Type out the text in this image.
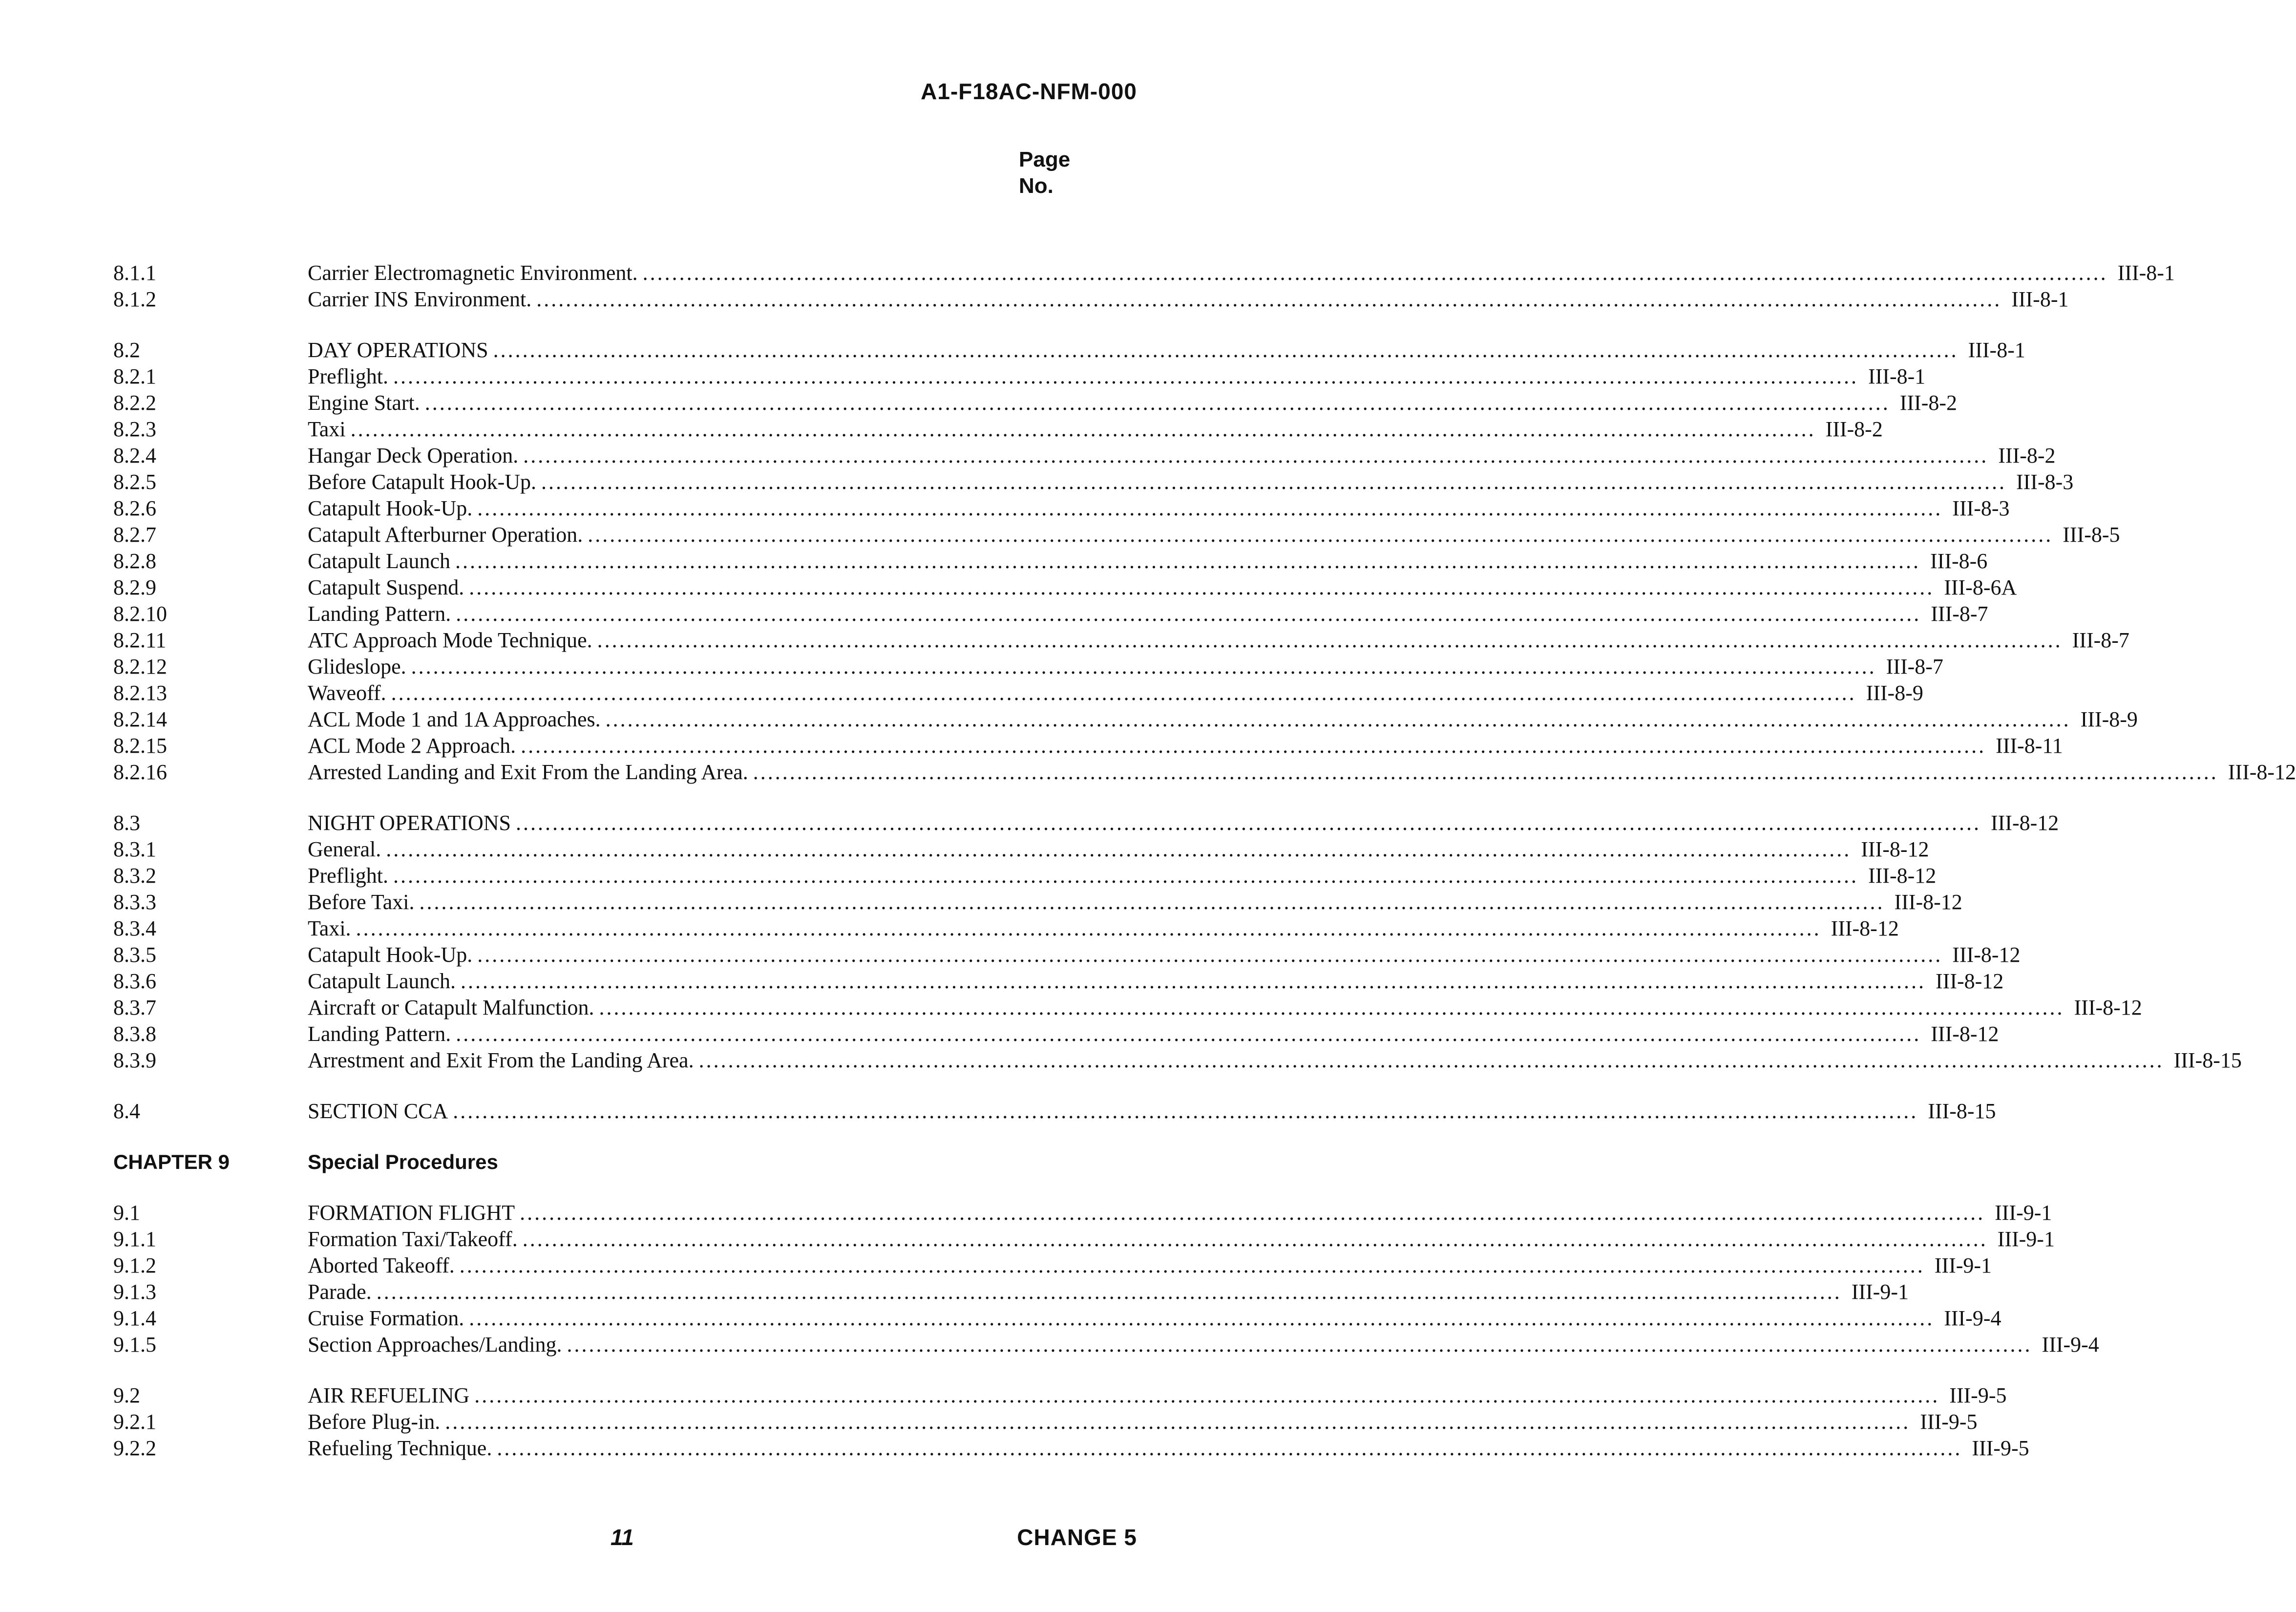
A1-F18AC-NFM-000
Page
No.
8.1.1	Carrier Electromagnetic Environment. ........................................................................................................................................................................................................ III-8-1
8.1.2	Carrier INS Environment. ........................................................................................................................................................................................................ III-8-1
8.2	DAY OPERATIONS ........................................................................................................................................................................................................ III-8-1
8.2.1	Preflight. ........................................................................................................................................................................................................ III-8-1
8.2.2	Engine Start. ........................................................................................................................................................................................................ III-8-2
8.2.3	Taxi ........................................................................................................................................................................................................ III-8-2
8.2.4	Hangar Deck Operation. ........................................................................................................................................................................................................ III-8-2
8.2.5	Before Catapult Hook-Up. ........................................................................................................................................................................................................ III-8-3
8.2.6	Catapult Hook-Up. ........................................................................................................................................................................................................ III-8-3
8.2.7	Catapult Afterburner Operation. ........................................................................................................................................................................................................ III-8-5
8.2.8	Catapult Launch ........................................................................................................................................................................................................ III-8-6
8.2.9	Catapult Suspend. ........................................................................................................................................................................................................ III-8-6A
8.2.10	Landing Pattern. ........................................................................................................................................................................................................ III-8-7
8.2.11	ATC Approach Mode Technique. ........................................................................................................................................................................................................ III-8-7
8.2.12	Glideslope. ........................................................................................................................................................................................................ III-8-7
8.2.13	Waveoff. ........................................................................................................................................................................................................ III-8-9
8.2.14	ACL Mode 1 and 1A Approaches. ........................................................................................................................................................................................................ III-8-9
8.2.15	ACL Mode 2 Approach. ........................................................................................................................................................................................................ III-8-11
8.2.16	Arrested Landing and Exit From the Landing Area. ........................................................................................................................................................................................................ III-8-12
8.3	NIGHT OPERATIONS ........................................................................................................................................................................................................ III-8-12
8.3.1	General. ........................................................................................................................................................................................................ III-8-12
8.3.2	Preflight. ........................................................................................................................................................................................................ III-8-12
8.3.3	Before Taxi. ........................................................................................................................................................................................................ III-8-12
8.3.4	Taxi. ........................................................................................................................................................................................................ III-8-12
8.3.5	Catapult Hook-Up. ........................................................................................................................................................................................................ III-8-12
8.3.6	Catapult Launch. ........................................................................................................................................................................................................ III-8-12
8.3.7	Aircraft or Catapult Malfunction. ........................................................................................................................................................................................................ III-8-12
8.3.8	Landing Pattern. ........................................................................................................................................................................................................ III-8-12
8.3.9	Arrestment and Exit From the Landing Area. ........................................................................................................................................................................................................ III-8-15
8.4	SECTION CCA ........................................................................................................................................................................................................ III-8-15
CHAPTER 9	Special Procedures
9.1	FORMATION FLIGHT ........................................................................................................................................................................................................ III-9-1
9.1.1	Formation Taxi/Takeoff. ........................................................................................................................................................................................................ III-9-1
9.1.2	Aborted Takeoff. ........................................................................................................................................................................................................ III-9-1
9.1.3	Parade. ........................................................................................................................................................................................................ III-9-1
9.1.4	Cruise Formation. ........................................................................................................................................................................................................ III-9-4
9.1.5	Section Approaches/Landing. ........................................................................................................................................................................................................ III-9-4
9.2	AIR REFUELING ........................................................................................................................................................................................................ III-9-5
9.2.1	Before Plug-in. ........................................................................................................................................................................................................ III-9-5
9.2.2	Refueling Technique. ........................................................................................................................................................................................................ III-9-5
11	CHANGE 5
